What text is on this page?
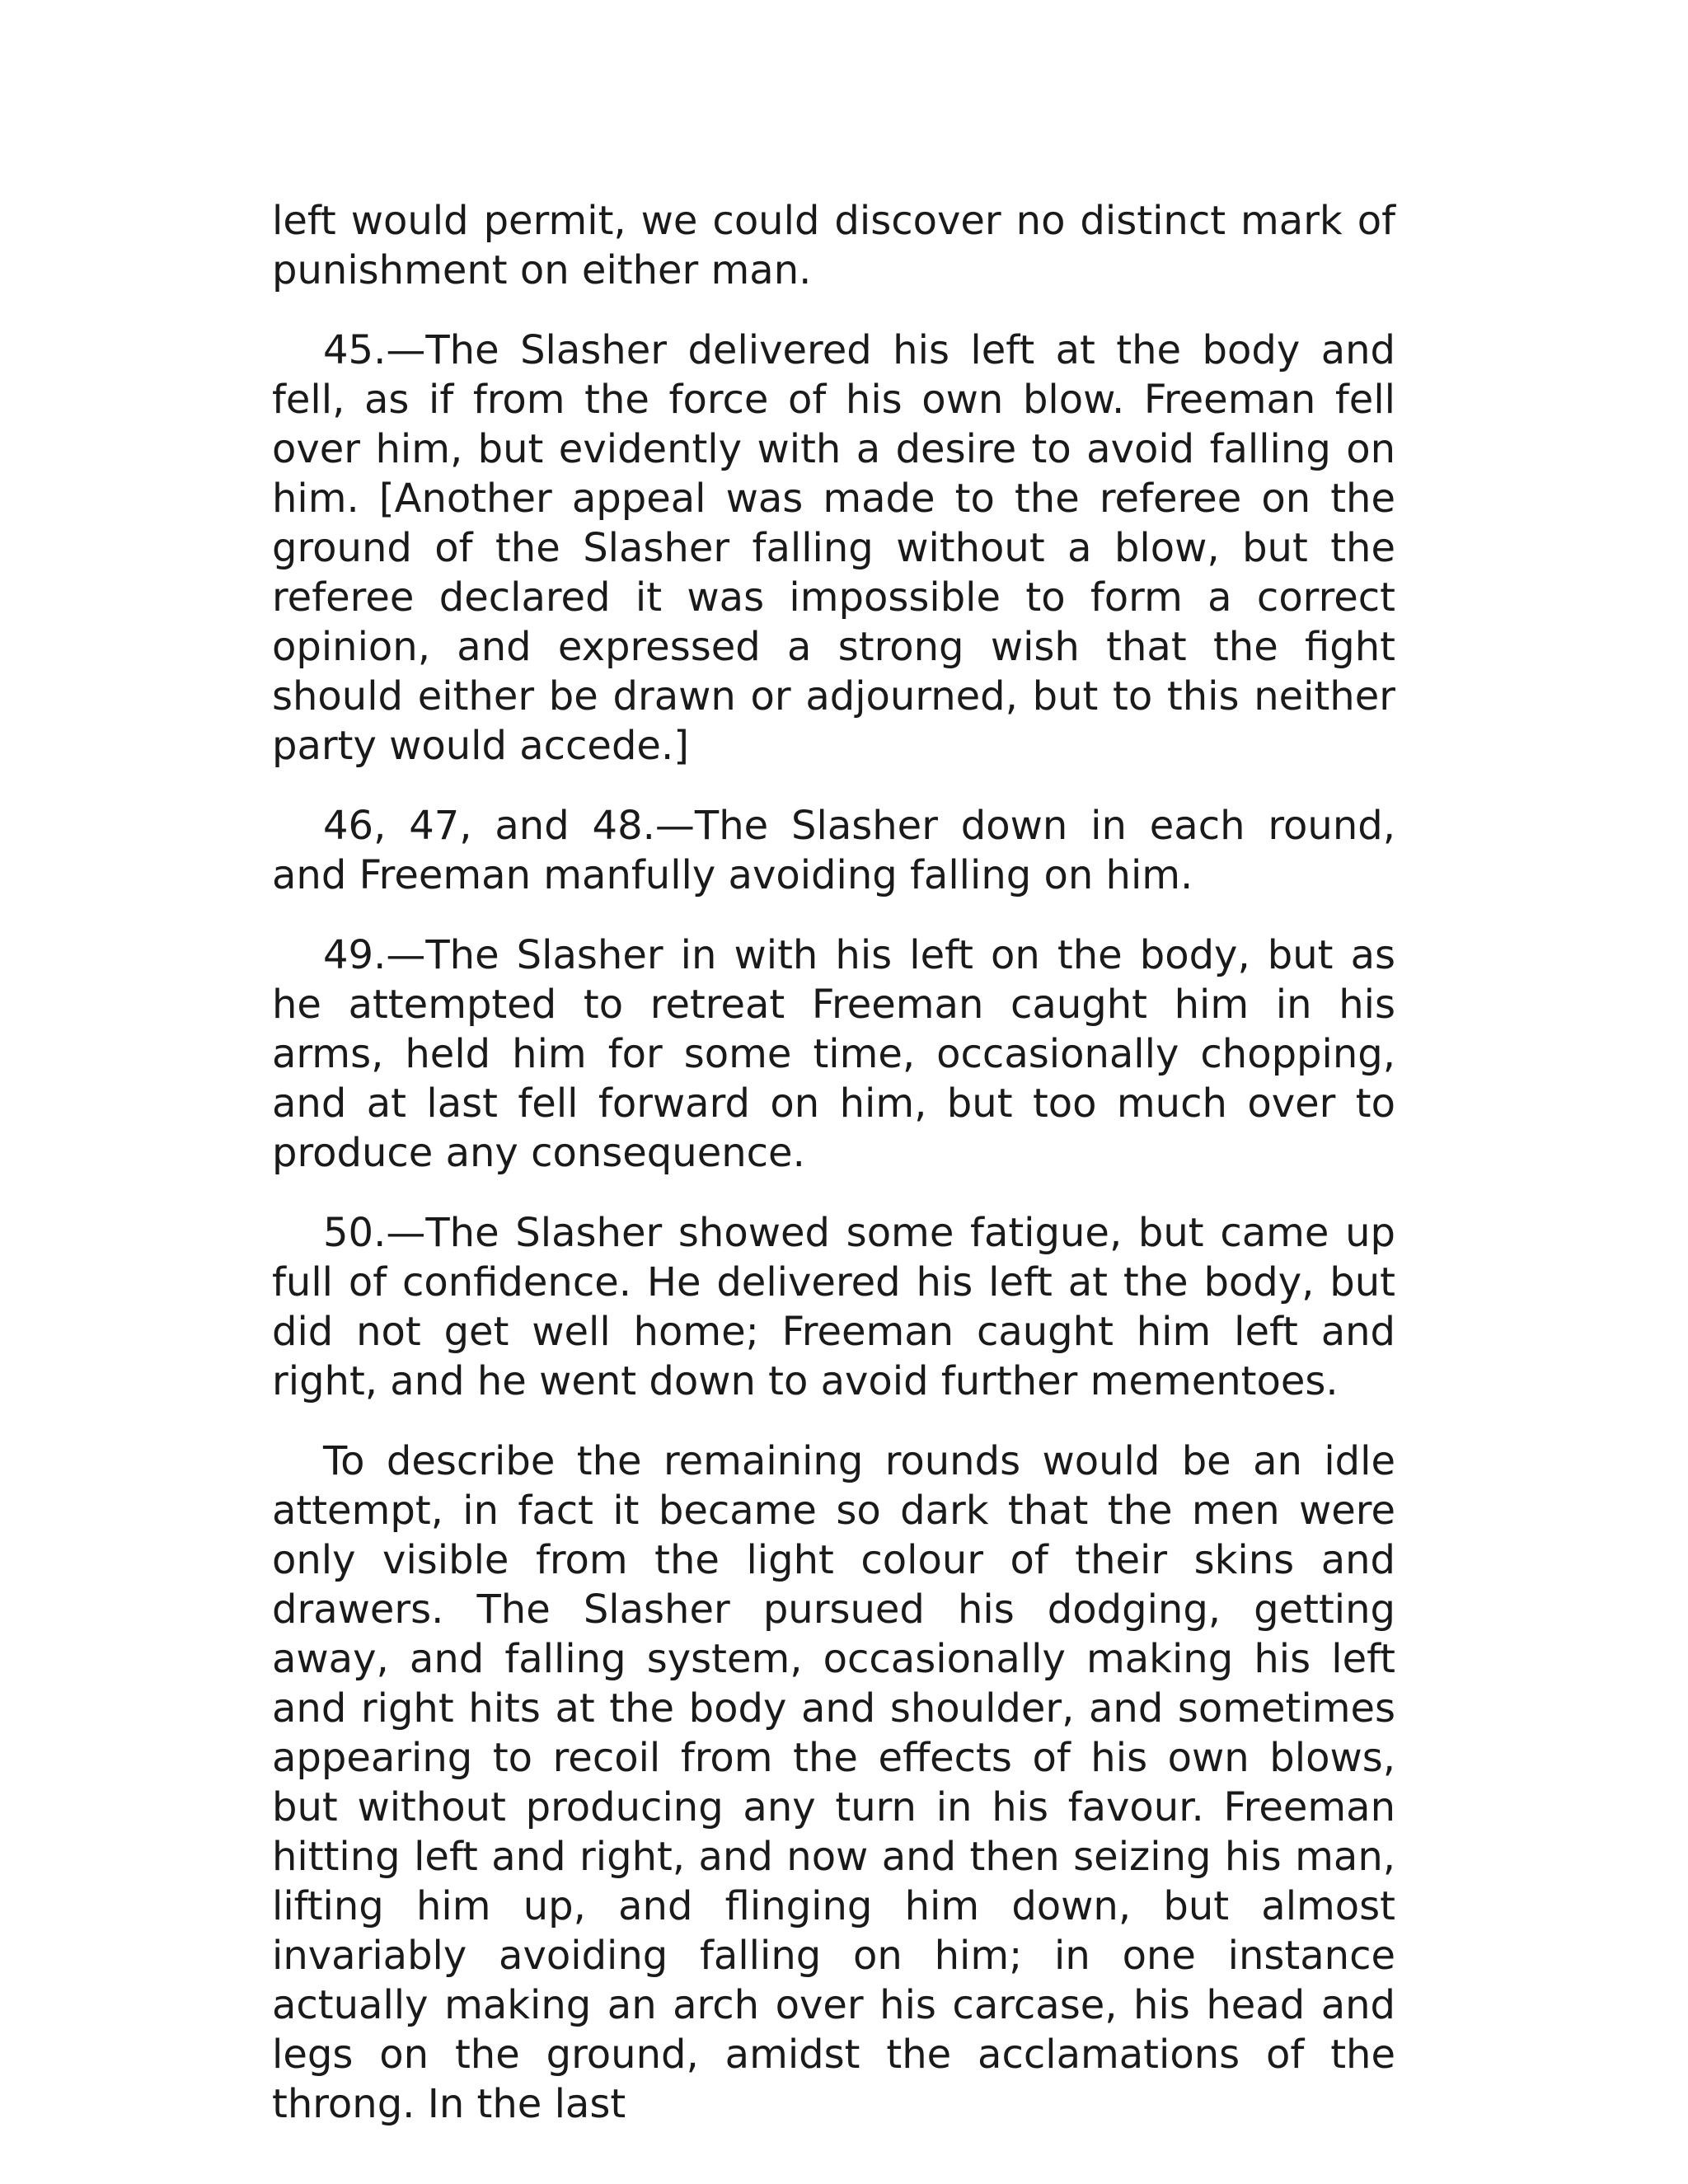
left would permit, we could discover no distinct mark of punishment on either man.

45.—The Slasher delivered his left at the body and fell, as if from the force of his own blow. Freeman fell over him, but evidently with a desire to avoid falling on him. [Another appeal was made to the referee on the ground of the Slasher falling without a blow, but the referee declared it was impossible to form a correct opinion, and expressed a strong wish that the fight should either be drawn or adjourned, but to this neither party would accede.]

46, 47, and 48.—The Slasher down in each round, and Freeman manfully avoiding falling on him.

49.—The Slasher in with his left on the body, but as he attempted to retreat Freeman caught him in his arms, held him for some time, occasionally chopping, and at last fell forward on him, but too much over to produce any consequence.

50.—The Slasher showed some fatigue, but came up full of confidence. He delivered his left at the body, but did not get well home; Freeman caught him left and right, and he went down to avoid further mementoes.

To describe the remaining rounds would be an idle attempt, in fact it became so dark that the men were only visible from the light colour of their skins and drawers. The Slasher pursued his dodging, getting away, and falling system, occasionally making his left and right hits at the body and shoulder, and sometimes appearing to recoil from the effects of his own blows, but without producing any turn in his favour. Freeman hitting left and right, and now and then seizing his man, lifting him up, and flinging him down, but almost invariably avoiding falling on him; in one instance actually making an arch over his carcase, his head and legs on the ground, amidst the acclamations of the throng. In the last
